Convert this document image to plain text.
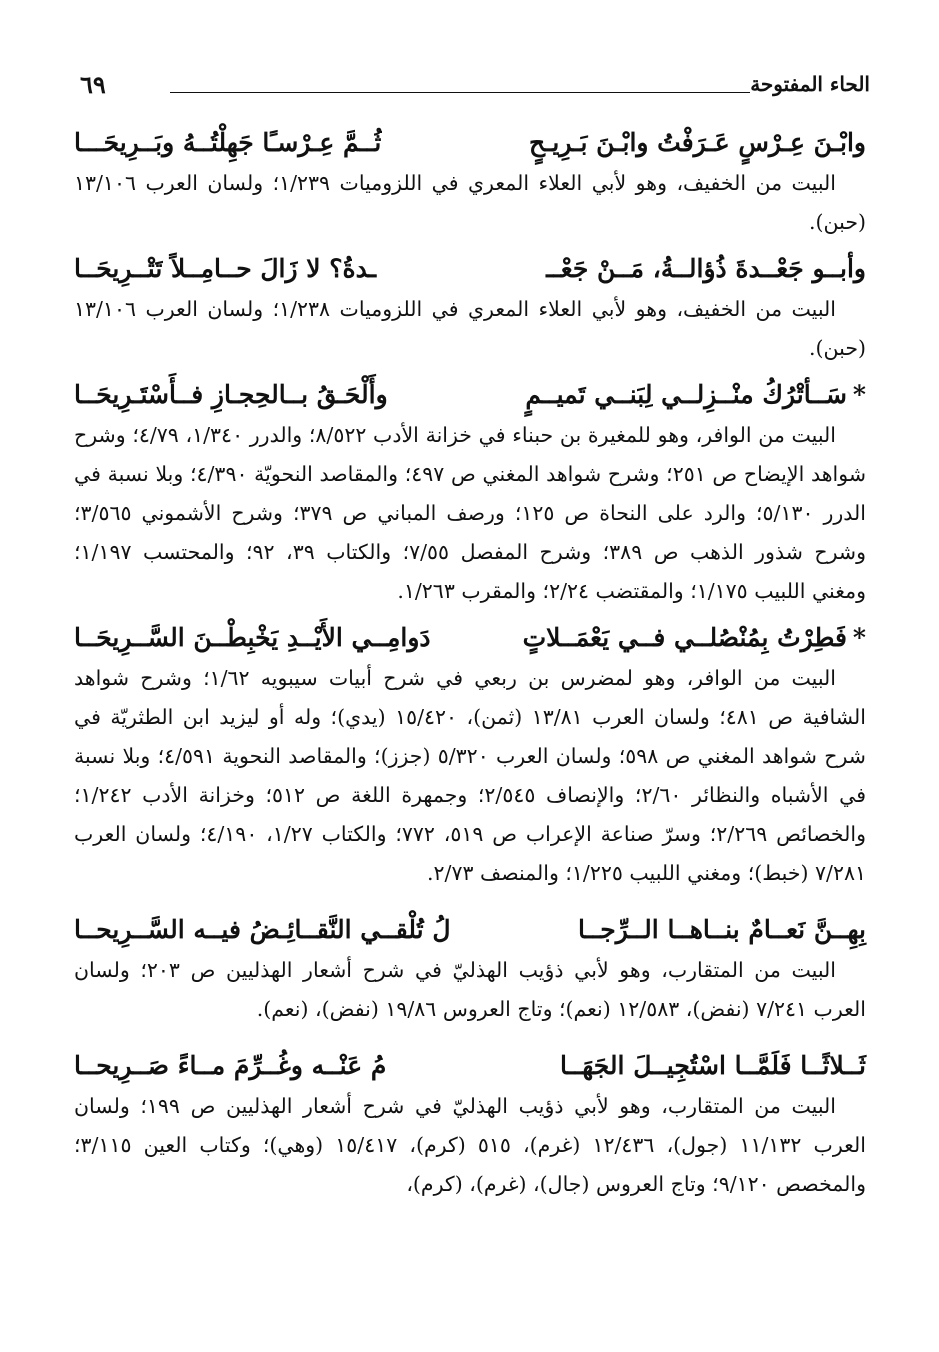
٦٩	الحاء المفتوحة
وابْـنَ عِـرْسٍ عَـرَفْتُ وابْـنَ بَـرِيـحٍ
ثُــمَّ عِـرْسـًا جَهِلْتُــهُ وبَــرِيحَـــا

البيت من الخفيف، وهو لأبي العلاء المعري في اللزوميات ١/٢٣٩؛ ولسان العرب ١٣/١٠٦ (حبن).

وأبــو جَعْــدةَ ذُؤالــةُ، مَــنْ جَعْــ
ـدةُ؟ لا زَالَ حــامِــلاً تَتْــرِيحَــا

البيت من الخفيف، وهو لأبي العلاء المعري في اللزوميات ١/٢٣٨؛ ولسان العرب ١٣/١٠٦ (حبن).

*سَــأتْرُكُ منْــزِلــي لِبَنــي تَميــمٍ
وأَلْحَـقُ بــالحِجـازِ فــأَسْتَـرِيحَــا

البيت من الوافر، وهو للمغيرة بن حبناء في خزانة الأدب ٨/٥٢٢؛ والدرر ١/٣٤٠، ٤/٧٩؛ وشرح شواهد الإيضاح ص ٢٥١؛ وشرح شواهد المغني ص ٤٩٧؛ والمقاصد النحويّة ٤/٣٩٠؛ وبلا نسبة في الدرر ٥/١٣٠؛ والرد على النحاة ص ١٢٥؛ ورصف المباني ص ٣٧٩؛ وشرح الأشموني ٣/٥٦٥؛ وشرح شذور الذهب ص ٣٨٩؛ وشرح المفصل ٧/٥٥؛ والكتاب ٣٩، ٩٢؛ والمحتسب ١/١٩٧؛ ومغني اللبيب ١/١٧٥؛ والمقتضب ٢/٢٤؛ والمقرب ١/٢٦٣.

*فَطِرْتُ بِمُنْصُلــي فــي يَعْمَــلاتٍ
دَوامِــي الأَيْــدِ يَخْبِطْــنَ السَّــرِيحَــا

البيت من الوافر، وهو لمضرس بن ربعي في شرح أبيات سيبويه ١/٦٢؛ وشرح شواهد الشافية ص ٤٨١؛ ولسان العرب ١٣/٨١ (ثمن)، ١٥/٤٢٠ (يدي)؛ وله أو ليزيد ابن الطثريّة في شرح شواهد المغني ص ٥٩٨؛ ولسان العرب ٥/٣٢٠ (جزز)؛ والمقاصد النحوية ٤/٥٩١؛ وبلا نسبة في الأشباه والنظائر ٢/٦٠؛ والإنصاف ٢/٥٤٥؛ وجمهرة اللغة ص ٥١٢؛ وخزانة الأدب ١/٢٤٢؛ والخصائص ٢/٢٦٩؛ وسرّ صناعة الإعراب ص ٥١٩، ٧٧٢؛ والكتاب ١/٢٧، ٤/١٩٠؛ ولسان العرب ٧/٢٨١ (خبط)؛ ومغني اللبيب ١/٢٢٥؛ والمنصف ٢/٧٣.

بِهِــنَّ نَعــامٌ بنــاهــا الــرِّجــا
لُ تُلْقــي النَّقــائِـضُ فيــه السَّــرِيحــا

البيت من المتقارب، وهو لأبي ذؤيب الهذليّ في شرح أشعار الهذليين ص ٢٠٣؛ ولسان العرب ٧/٢٤١ (نفض)، ١٢/٥٨٣ (نعم)؛ وتاج العروس ١٩/٨٦ (نفض)، (نعم).

ثَــلاثًــا فَلَمَّــا اسْتُجِيــلَ الجَهَــا
مُ عَنْــه وغُــرِّمَ مــاءً صَــرِيحــا

البيت من المتقارب، وهو لأبي ذؤيب الهذليّ في شرح أشعار الهذليين ص ١٩٩؛ ولسان العرب ١١/١٣٢ (جول)، ١٢/٤٣٦ (غرم)، ٥١٥ (كرم)، ١٥/٤١٧ (وهي)؛ وكتاب العين ٣/١١٥؛ والمخصص ٩/١٢٠؛ وتاج العروس (جال)، (غرم)، (كرم)،
